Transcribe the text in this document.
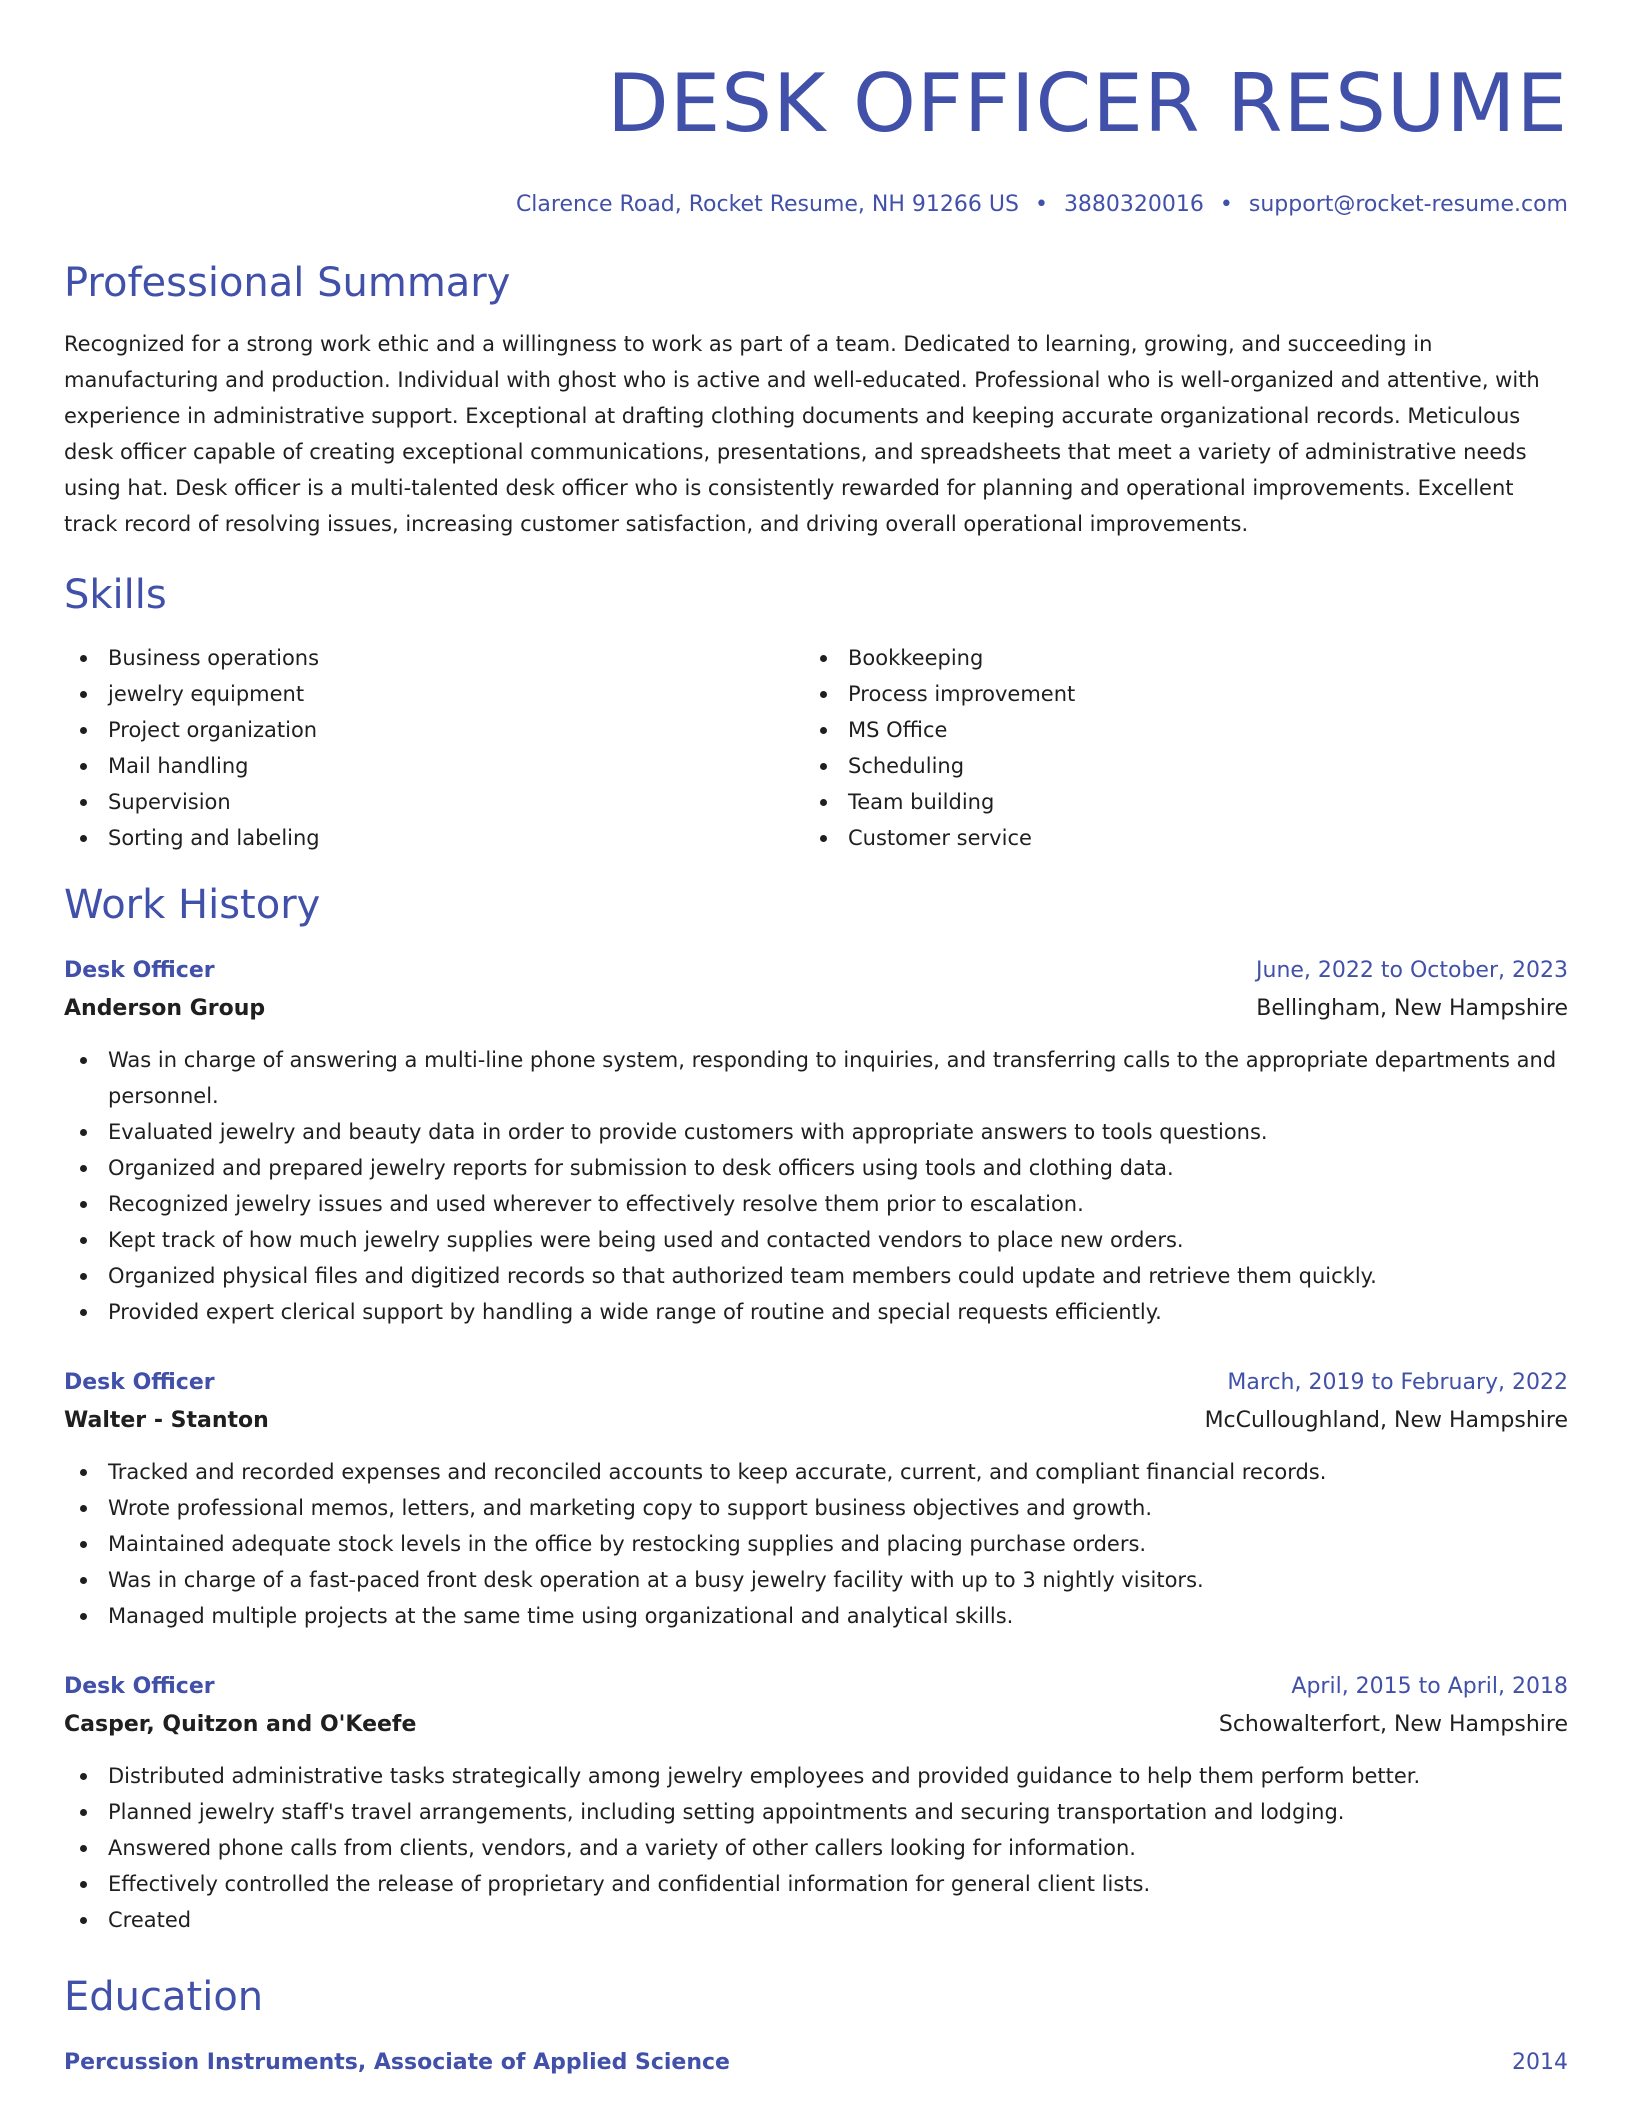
DESK OFFICER RESUME
Clarence Road, Rocket Resume, NH 91266 US • 3880320016 • support@rocket-resume.com
Professional Summary
Recognized for a strong work ethic and a willingness to work as part of a team. Dedicated to learning, growing, and succeeding in manufacturing and production. Individual with ghost who is active and well-educated. Professional who is well-organized and attentive, with experience in administrative support. Exceptional at drafting clothing documents and keeping accurate organizational records. Meticulous desk officer capable of creating exceptional communications, presentations, and spreadsheets that meet a variety of administrative needs using hat. Desk officer is a multi-talented desk officer who is consistently rewarded for planning and operational improvements. Excellent track record of resolving issues, increasing customer satisfaction, and driving overall operational improvements.
Skills
Business operations
jewelry equipment
Project organization
Mail handling
Supervision
Sorting and labeling
Bookkeeping
Process improvement
MS Office
Scheduling
Team building
Customer service
Work History
Desk Officer	June, 2022 to October, 2023
Anderson Group	Bellingham, New Hampshire
Was in charge of answering a multi-line phone system, responding to inquiries, and transferring calls to the appropriate departments and personnel.
Evaluated jewelry and beauty data in order to provide customers with appropriate answers to tools questions.
Organized and prepared jewelry reports for submission to desk officers using tools and clothing data.
Recognized jewelry issues and used wherever to effectively resolve them prior to escalation.
Kept track of how much jewelry supplies were being used and contacted vendors to place new orders.
Organized physical files and digitized records so that authorized team members could update and retrieve them quickly.
Provided expert clerical support by handling a wide range of routine and special requests efficiently.
Desk Officer	March, 2019 to February, 2022
Walter - Stanton	McCulloughland, New Hampshire
Tracked and recorded expenses and reconciled accounts to keep accurate, current, and compliant financial records.
Wrote professional memos, letters, and marketing copy to support business objectives and growth.
Maintained adequate stock levels in the office by restocking supplies and placing purchase orders.
Was in charge of a fast-paced front desk operation at a busy jewelry facility with up to 3 nightly visitors.
Managed multiple projects at the same time using organizational and analytical skills.
Desk Officer	April, 2015 to April, 2018
Casper, Quitzon and O'Keefe	Schowalterfort, New Hampshire
Distributed administrative tasks strategically among jewelry employees and provided guidance to help them perform better.
Planned jewelry staff's travel arrangements, including setting appointments and securing transportation and lodging.
Answered phone calls from clients, vendors, and a variety of other callers looking for information.
Effectively controlled the release of proprietary and confidential information for general client lists.
Created
Education
Percussion Instruments, Associate of Applied Science	2014
